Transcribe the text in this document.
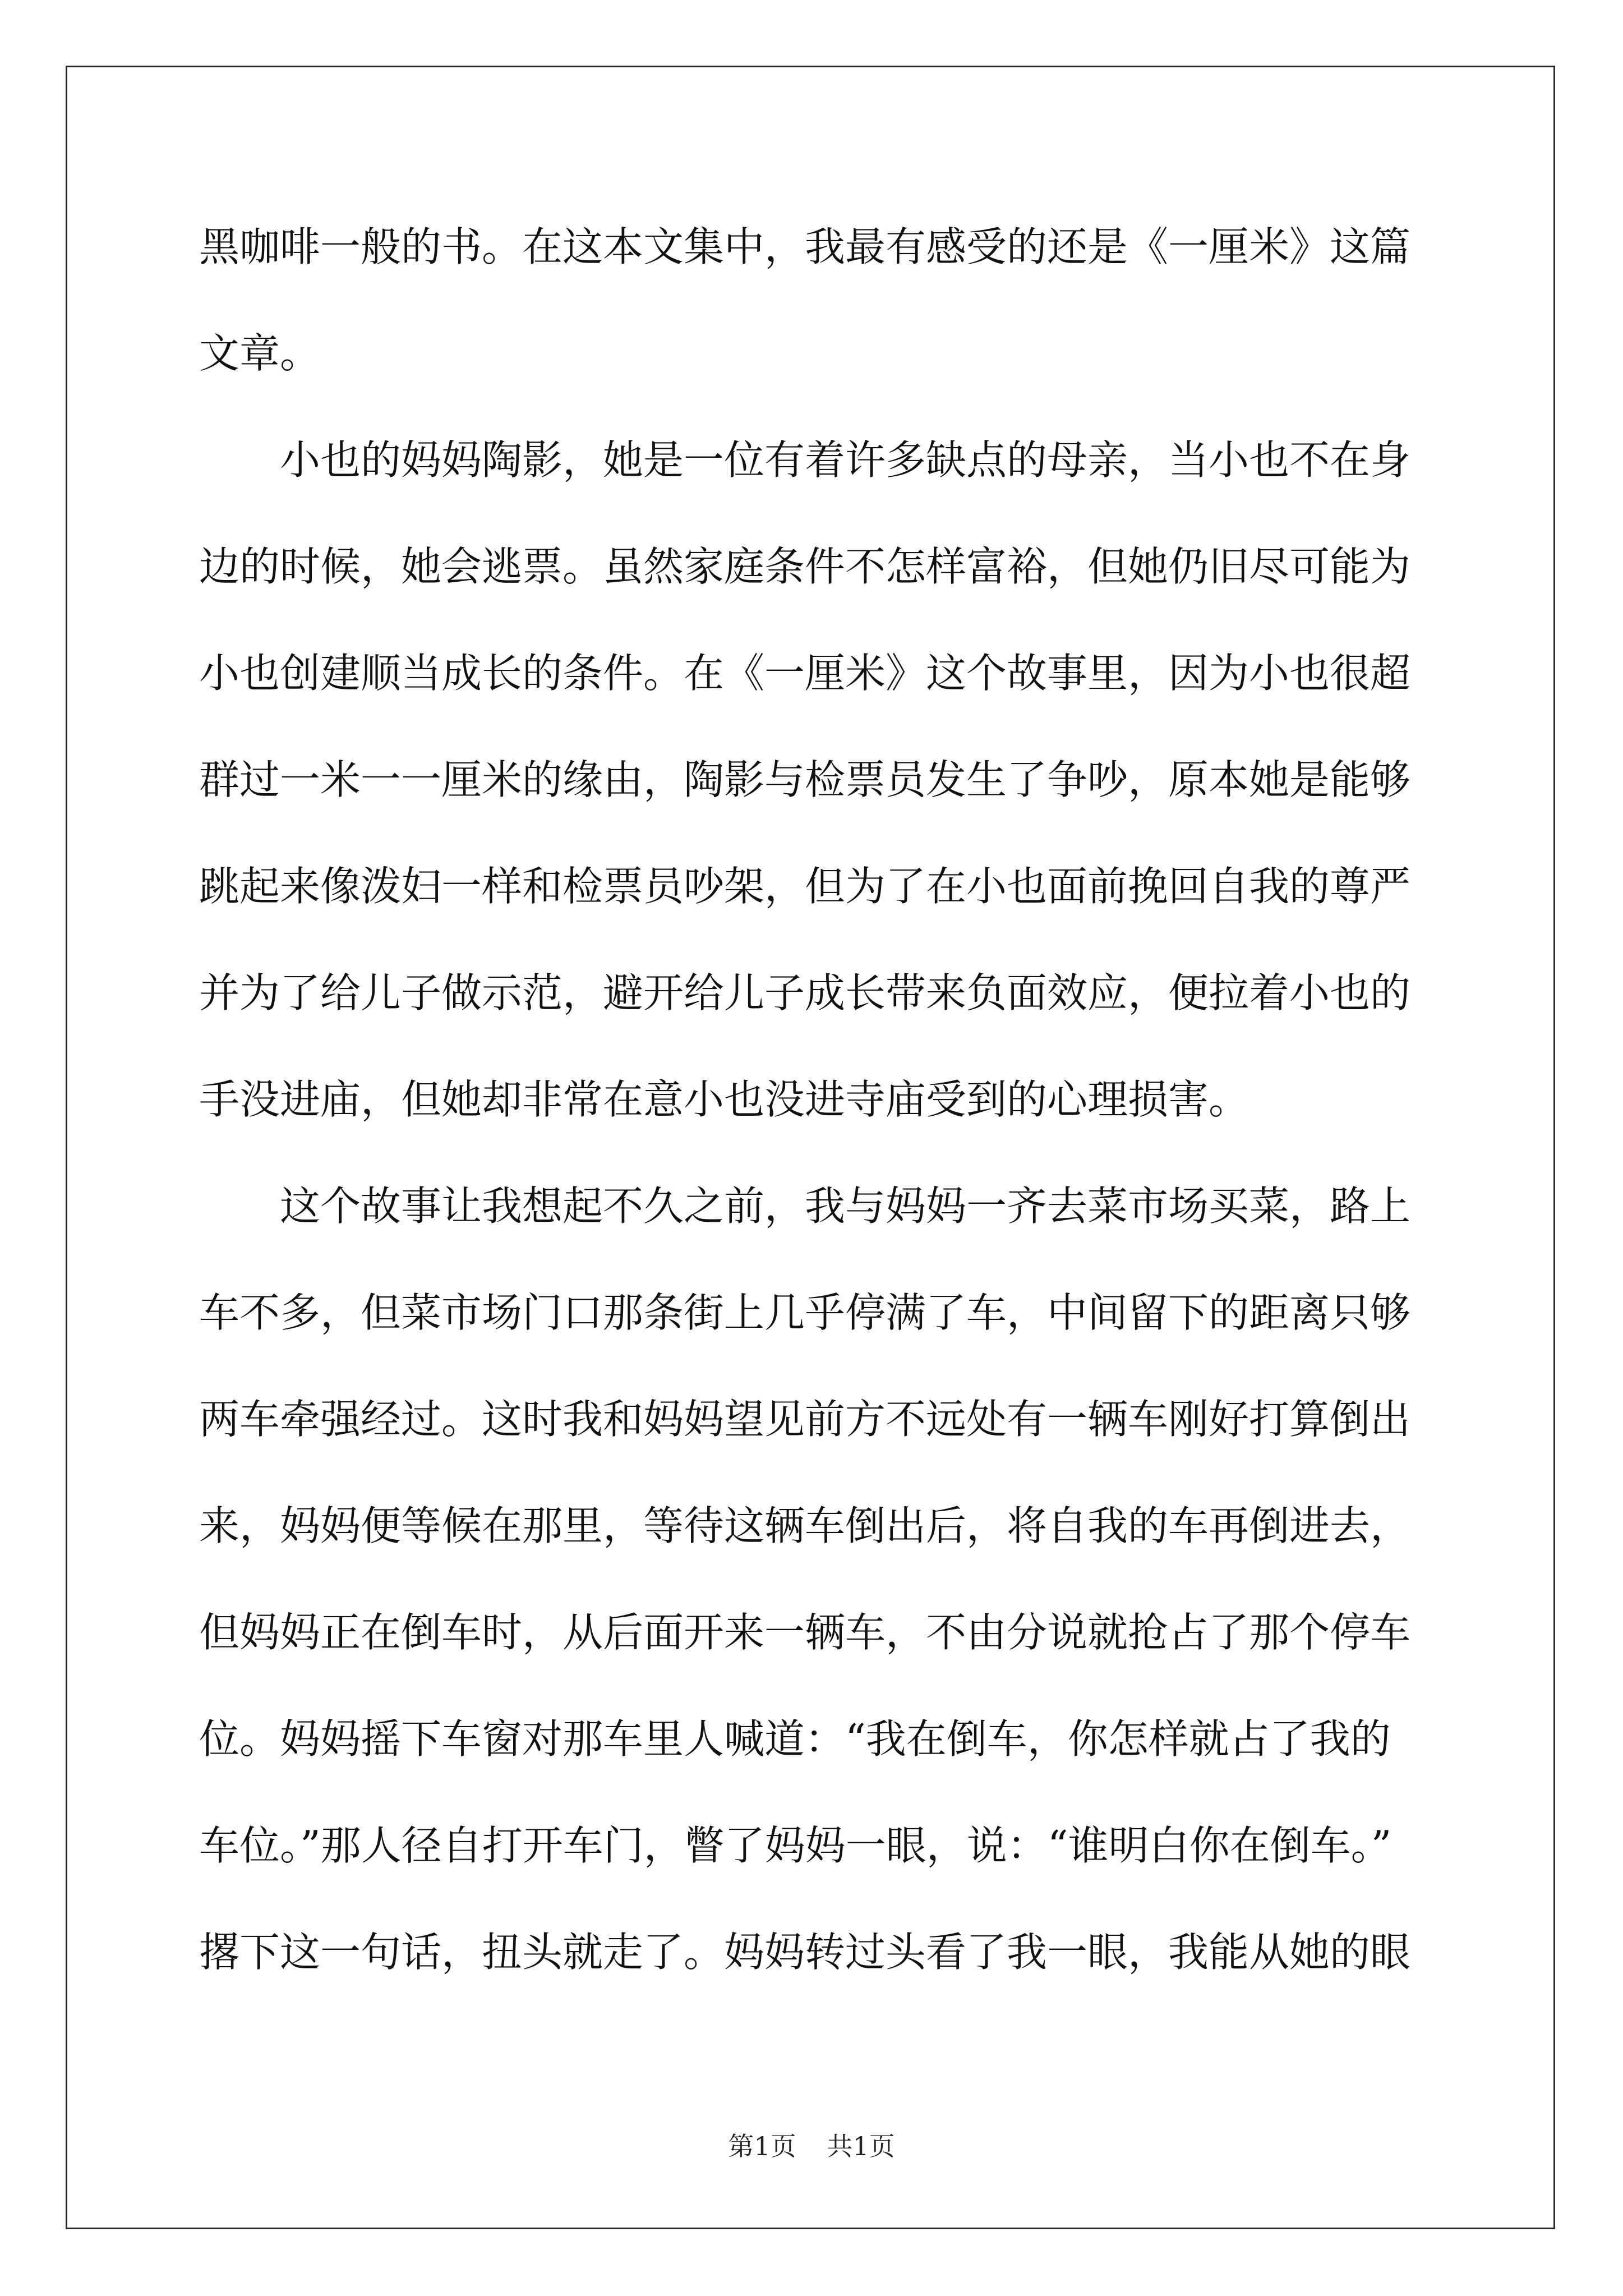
黑咖啡一般的书。在这本文集中，我最有感受的还是《一厘米》这篇
文章。
小也的妈妈陶影，她是一位有着许多缺点的母亲，当小也不在身
边的时候，她会逃票。虽然家庭条件不怎样富裕，但她仍旧尽可能为
小也创建顺当成长的条件。在《一厘米》这个故事里，因为小也很超
群过一米一一厘米的缘由，陶影与检票员发生了争吵，原本她是能够
跳起来像泼妇一样和检票员吵架，但为了在小也面前挽回自我的尊严
并为了给儿子做示范，避开给儿子成长带来负面效应，便拉着小也的
手没进庙，但她却非常在意小也没进寺庙受到的心理损害。
这个故事让我想起不久之前，我与妈妈一齐去菜市场买菜，路上
车不多，但菜市场门口那条街上几乎停满了车，中间留下的距离只够
两车牵强经过。这时我和妈妈望见前方不远处有一辆车刚好打算倒出
来，妈妈便等候在那里，等待这辆车倒出后，将自我的车再倒进去，
但妈妈正在倒车时，从后面开来一辆车，不由分说就抢占了那个停车
位。妈妈摇下车窗对那车里人喊道：“我在倒车，你怎样就占了我的
车位。”那人径自打开车门，瞥了妈妈一眼，说：“谁明白你在倒车。”
撂下这一句话，扭头就走了。妈妈转过头看了我一眼，我能从她的眼
第1页 共1页
